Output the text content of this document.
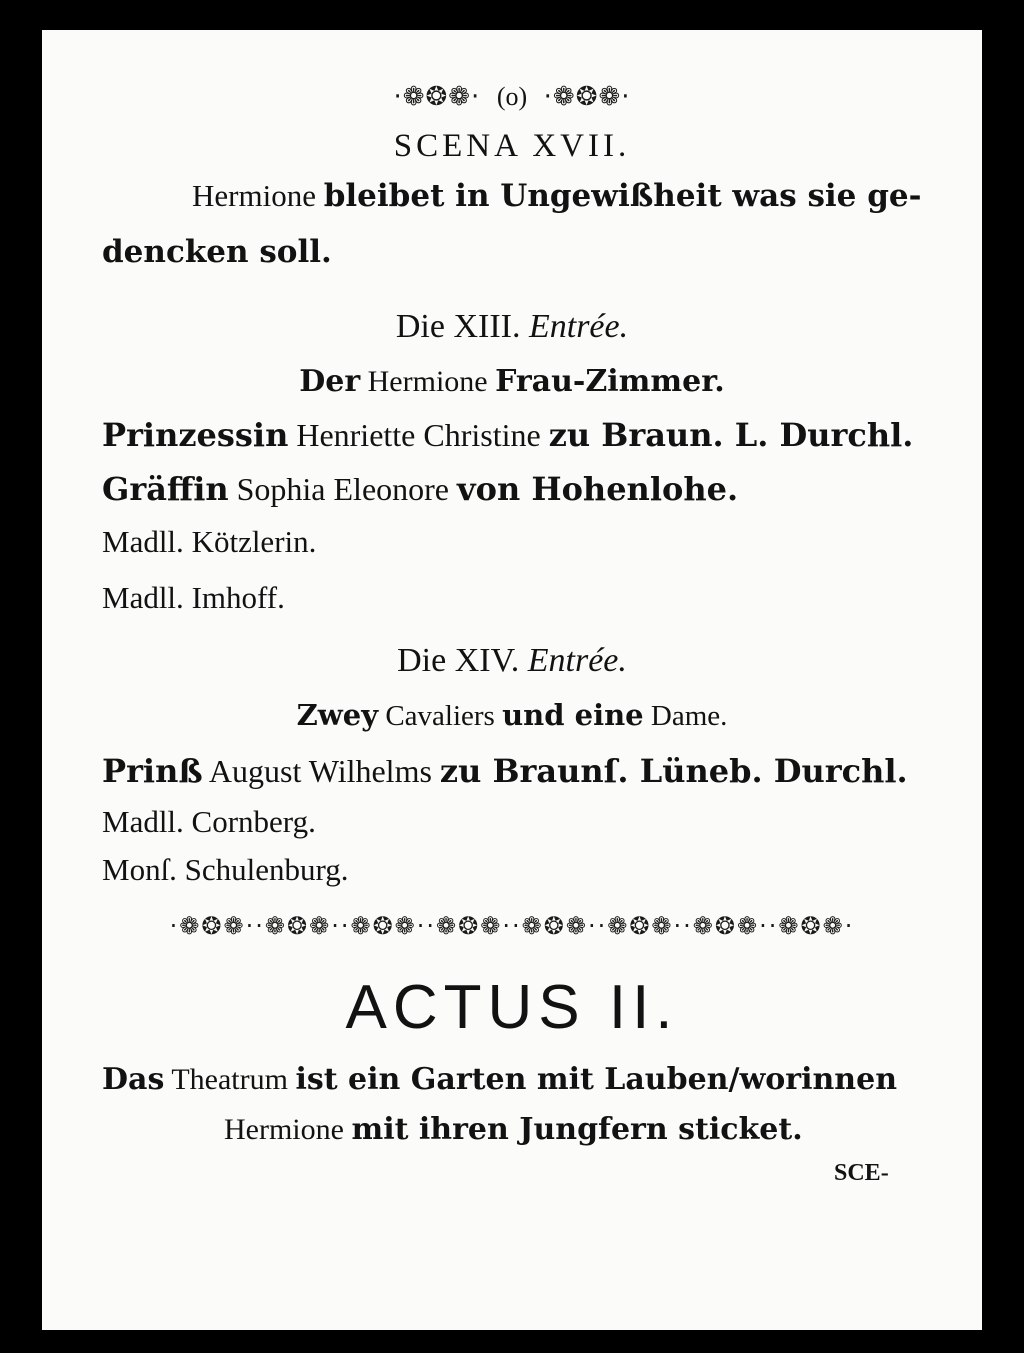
·❁❂❁· (o) ·❁❂❁·
SCENA XVII.
Hermione bleibet in Ungewißheit was sie ge-
dencken soll.
Die XIII. Entrée.
Der Hermione Frau-Zimmer.
Prinzessin Henriette Christine zu Braun. L. Durchl.
Gräffin Sophia Eleonore von Hohenlohe.
Madll. Kötzlerin.
Madll. Imhoff.
Die XIV. Entrée.
Zwey Cavaliers und eine Dame.
Prinß August Wilhelms zu Braunſ. Lüneb. Durchl.
Madll. Cornberg.
Monſ. Schulenburg.
·❁❂❁··❁❂❁··❁❂❁··❁❂❁··❁❂❁··❁❂❁··❁❂❁··❁❂❁·
ACTUS II.
Das Theatrum ist ein Garten mit Lauben/worinnen
Hermione mit ihren Jungfern sticket.
SCE-
